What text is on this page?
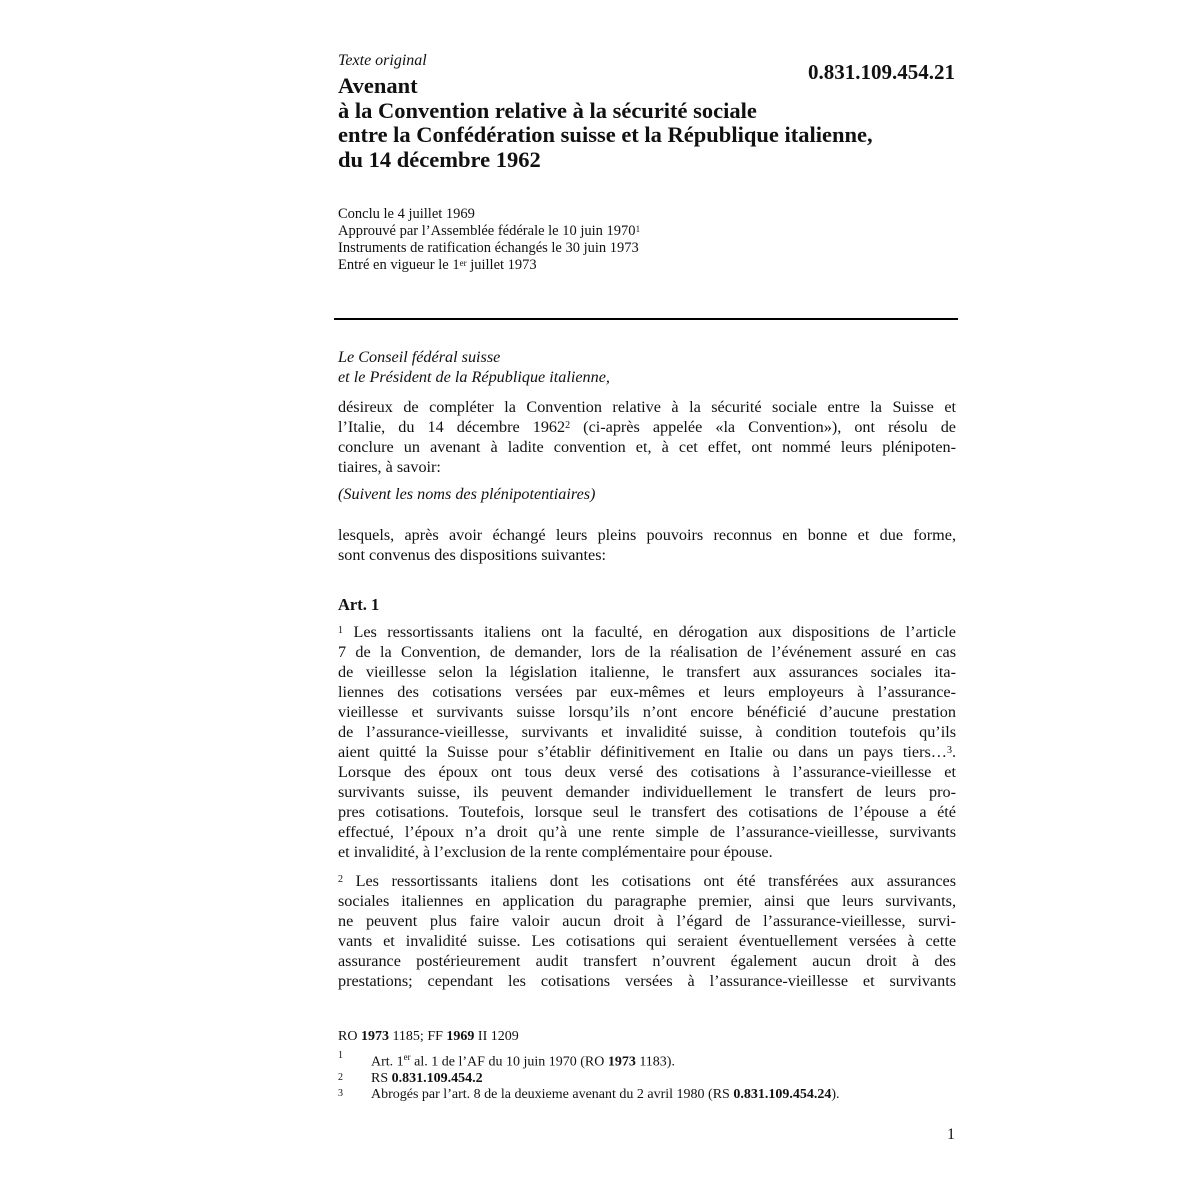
Texte original	0.831.109.454.21
Avenant
à la Convention relative à la sécurité sociale
entre la Confédération suisse et la République italienne,
du 14 décembre 1962
Conclu le 4 juillet 1969
Approuvé par l’Assemblée fédérale le 10 juin 1970$^1$
Instruments de ratification échangés le 30 juin 1973
Entré en vigueur le 1er juillet 1973
Le Conseil fédéral suisse
et le Président de la République italienne,
désireux de compléter la Convention relative à la sécurité sociale entre la Suisse et
l’Italie, du 14 décembre 1962$^2$ (ci-après appelée «la Convention»), ont résolu de
conclure un avenant à ladite convention et, à cet effet, ont nommé leurs plénipoten-
tiaires, à savoir:
(Suivent les noms des plénipotentiaires)
lesquels, après avoir échangé leurs pleins pouvoirs reconnus en bonne et due forme,
sont convenus des dispositions suivantes:
Art. 1
$^1$ Les ressortissants italiens ont la faculté, en dérogation aux dispositions de l’article
7 de la Convention, de demander, lors de la réalisation de l’événement assuré en cas
de vieillesse selon la législation italienne, le transfert aux assurances sociales ita-
liennes des cotisations versées par eux-mêmes et leurs employeurs à l’assurance-
vieillesse et survivants suisse lorsqu’ils n’ont encore bénéficié d’aucune prestation
de l’assurance-vieillesse, survivants et invalidité suisse, à condition toutefois qu’ils
aient quitté la Suisse pour s’établir définitivement en Italie ou dans un pays tiers…$^3$.
Lorsque des époux ont tous deux versé des cotisations à l’assurance-vieillesse et
survivants suisse, ils peuvent demander individuellement le transfert de leurs pro-
pres cotisations. Toutefois, lorsque seul le transfert des cotisations de l’épouse a été
effectué, l’époux n’a droit qu’à une rente simple de l’assurance-vieillesse, survivants
et invalidité, à l’exclusion de la rente complémentaire pour épouse.
$^2$ Les ressortissants italiens dont les cotisations ont été transférées aux assurances
sociales italiennes en application du paragraphe premier, ainsi que leurs survivants,
ne peuvent plus faire valoir aucun droit à l’égard de l’assurance-vieillesse, survi-
vants et invalidité suisse. Les cotisations qui seraient éventuellement versées à cette
assurance postérieurement audit transfert n’ouvrent également aucun droit à des
prestations; cependant les cotisations versées à l’assurance-vieillesse et survivants
RO 1973 1185; FF 1969 II 1209
1	Art. 1er al. 1 de l’AF du 10 juin 1970 (RO 1973 1183).
2	RS 0.831.109.454.2
3	Abrogés par l’art. 8 de la deuxieme avenant du 2 avril 1980 (RS 0.831.109.454.24).
1
